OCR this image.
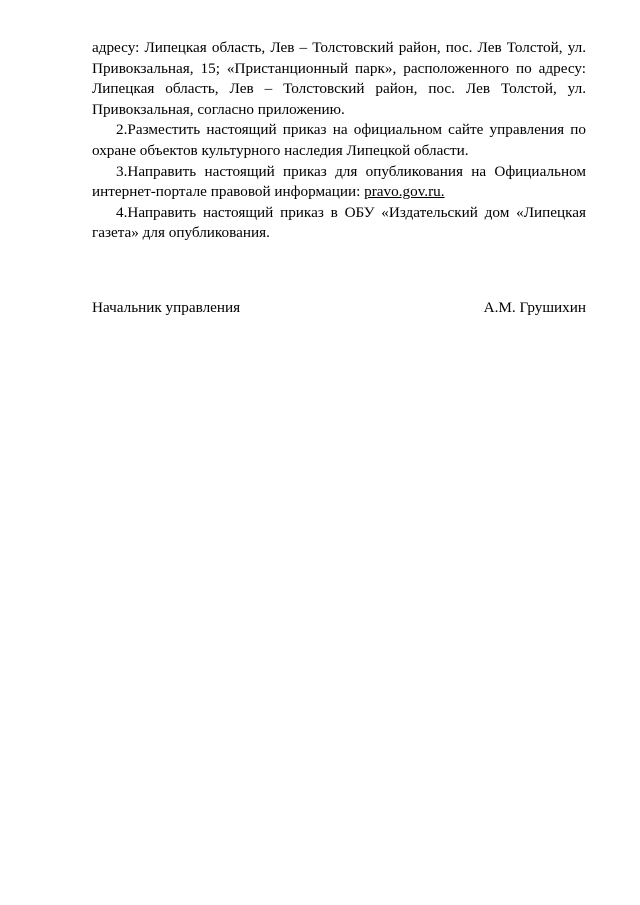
адресу: Липецкая область, Лев – Толстовский район, пос. Лев Толстой, ул. Привокзальная, 15; «Пристанционный парк», расположенного по адресу: Липецкая область, Лев – Толстовский район, пос. Лев Толстой, ул. Привокзальная, согласно приложению.

2.Разместить настоящий приказ на официальном сайте управления по охране объектов культурного наследия Липецкой области.

3.Направить настоящий приказ для опубликования на Официальном интернет-портале правовой информации: pravo.gov.ru.

4.Направить настоящий приказ в ОБУ «Издательский дом «Липецкая газета» для опубликования.

Начальник управления	А.М. Грушихин
